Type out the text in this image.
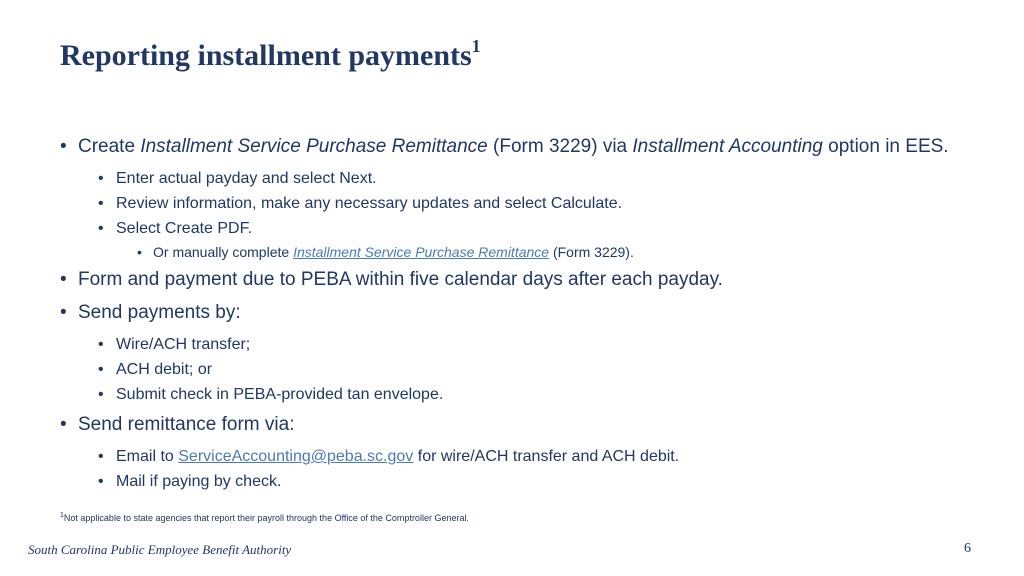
Reporting installment payments$^1$
• Create Installment Service Purchase Remittance (Form 3229) via Installment Accounting option in EES.
• Enter actual payday and select Next.
• Review information, make any necessary updates and select Calculate.
• Select Create PDF.
• Or manually complete Installment Service Purchase Remittance (Form 3229).
• Form and payment due to PEBA within five calendar days after each payday.
• Send payments by:
• Wire/ACH transfer;
• ACH debit; or
• Submit check in PEBA-provided tan envelope.
• Send remittance form via:
• Email to ServiceAccounting@peba.sc.gov for wire/ACH transfer and ACH debit.
• Mail if paying by check.
$^1$Not applicable to state agencies that report their payroll through the Office of the Comptroller General.
South Carolina Public Employee Benefit Authority	6
